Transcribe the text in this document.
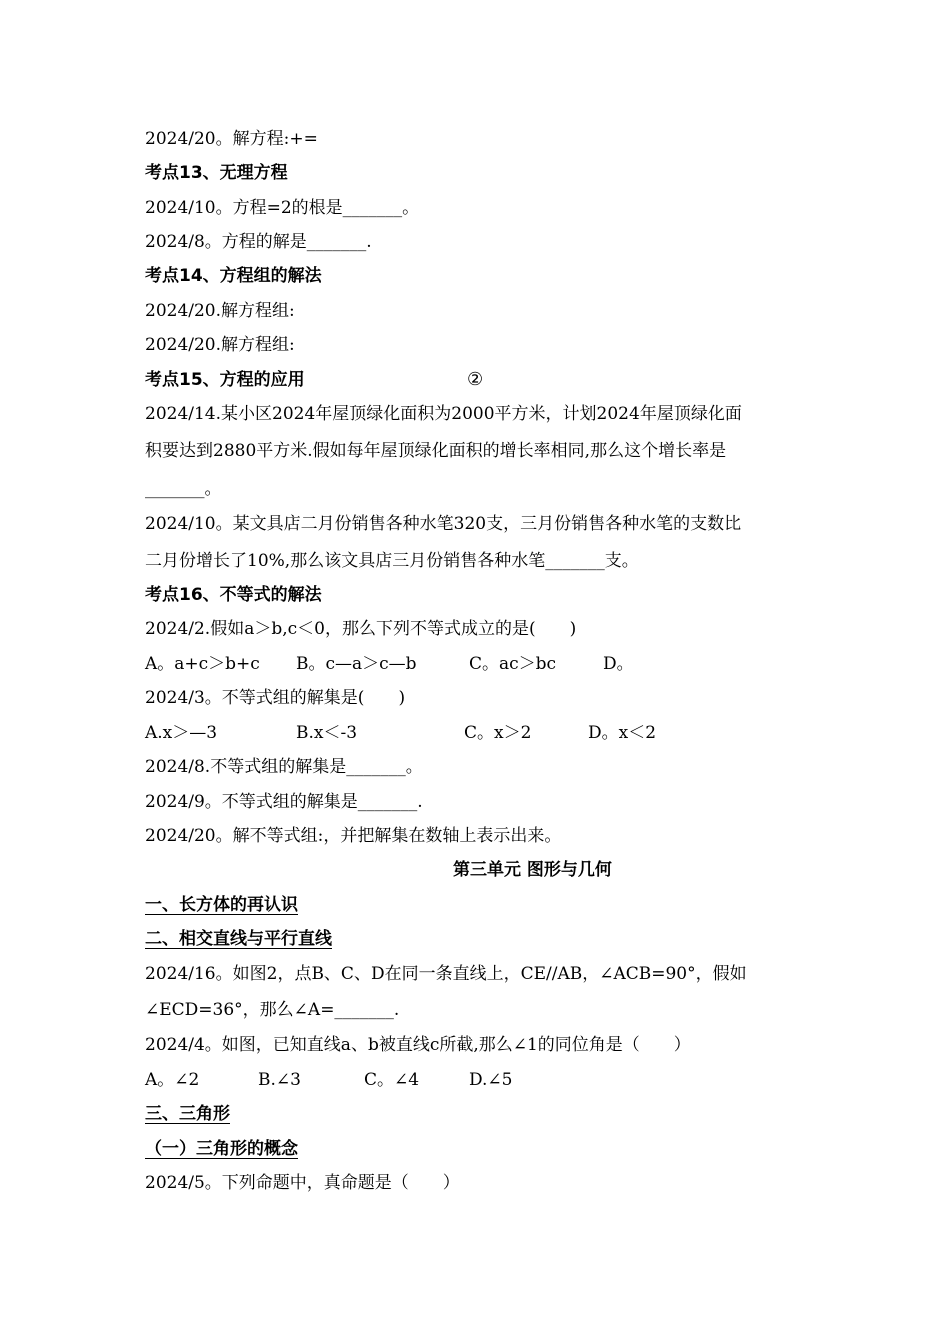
2024/20。解方程:+=
考点13、无理方程
2024/10。方程=2的根是_______。
2024/8。方程的解是_______.
考点14、方程组的解法
2024/20.解方程组:
2024/20.解方程组:
考点15、方程的应用	②
2024/14.某小区2024年屋顶绿化面积为2000平方米，计划2024年屋顶绿化面
积要达到2880平方米.假如每年屋顶绿化面积的增长率相同,那么这个增长率是
_______。
2024/10。某文具店二月份销售各种水笔320支，三月份销售各种水笔的支数比
二月份增长了10%,那么该文具店三月份销售各种水笔_______支。
考点16、不等式的解法
2024/2.假如a＞b,c＜0，那么下列不等式成立的是(　　)
A。a+c＞b+c B。c—a＞c—b	C。ac＞bc	D。
2024/3。不等式组的解集是(　　)
A.x＞—3	B.x＜-3	C。x＞2	D。x＜2
2024/8.不等式组的解集是_______。
2024/9。不等式组的解集是_______.
2024/20。解不等式组:，并把解集在数轴上表示出来。
第三单元 图形与几何
一、长方体的再认识
二、相交直线与平行直线
2024/16。如图2，点B、C、D在同一条直线上，CE//AB，∠ACB=90°，假如
∠ECD=36°，那么∠A=_______.
2024/4。如图，已知直线a、b被直线c所截,那么∠1的同位角是（　　）
A。∠2	B.∠3	C。∠4	D.∠5
三、三角形
（一）三角形的概念
2024/5。下列命题中，真命题是（　　）
